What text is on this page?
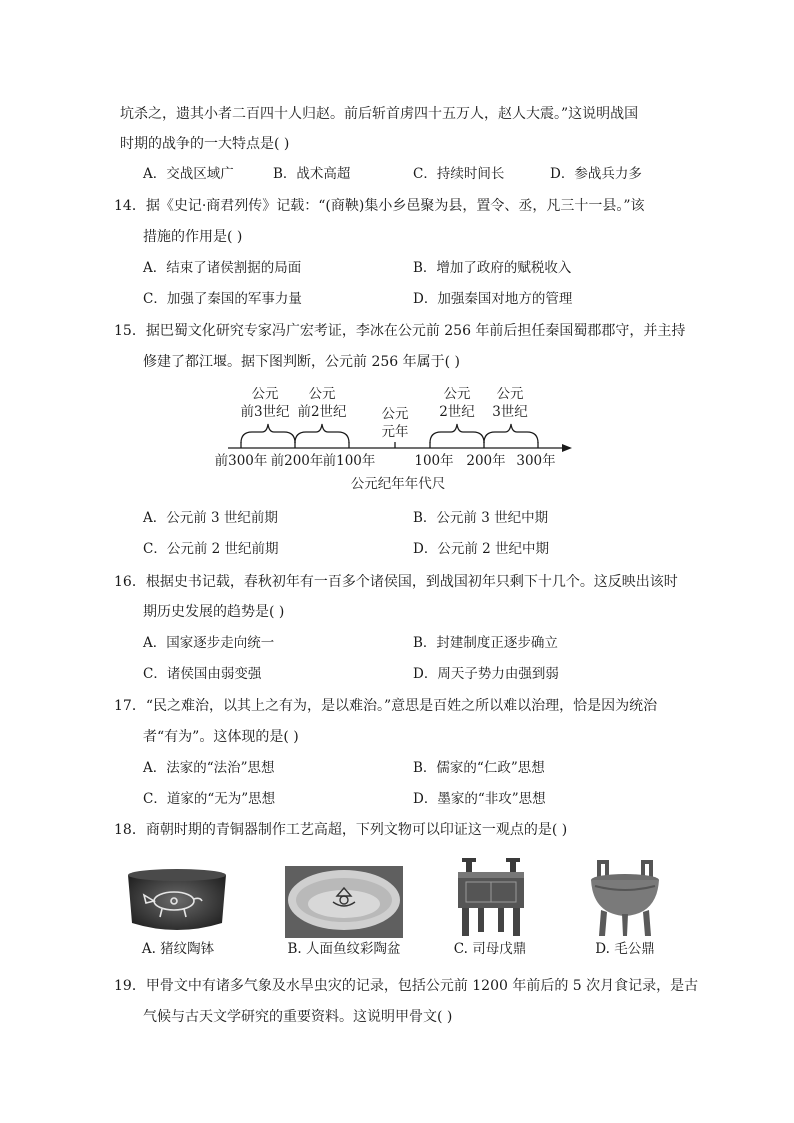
坑杀之，遗其小者二百四十人归赵。前后斩首虏四十五万人，赵人大震。”这说明战国
时期的战争的一大特点是( )
A．交战区域广	B．战术高超	C．持续时间长	D．参战兵力多
14．据《史记·商君列传》记载：“(商鞅)集小乡邑聚为县，置令、丞，凡三十一县。”该
措施的作用是( )
A．结束了诸侯割据的局面	B．增加了政府的赋税收入
C．加强了秦国的军事力量	D．加强秦国对地方的管理
15．据巴蜀文化研究专家冯广宏考证，李冰在公元前 256 年前后担任秦国蜀郡郡守，并主持
修建了都江堰。据下图判断，公元前 256 年属于( )
公元
前3世纪
公元
前2世纪	公元
元年
公元
2世纪
公元
3世纪
前300年 前200年 前100年	100年 200年 300年
公元纪年年代尺
A．公元前 3 世纪前期	B．公元前 3 世纪中期
C．公元前 2 世纪前期	D．公元前 2 世纪中期
16．根据史书记载，春秋初年有一百多个诸侯国，到战国初年只剩下十几个。这反映出该时
期历史发展的趋势是( )
A．国家逐步走向统一	B．封建制度正逐步确立
C．诸侯国由弱变强	D．周天子势力由强到弱
17．“民之难治，以其上之有为，是以难治。”意思是百姓之所以难以治理，恰是因为统治
者“有为”。这体现的是( )
A．法家的“法治”思想	B．儒家的“仁政”思想
C．道家的“无为”思想	D．墨家的“非攻”思想
18．商朝时期的青铜器制作工艺高超，下列文物可以印证这一观点的是( )
A. 猪纹陶钵	B. 人面鱼纹彩陶盆	C. 司母戊鼎	D. 毛公鼎
19．甲骨文中有诸多气象及水旱虫灾的记录，包括公元前 1200 年前后的 5 次月食记录，是古
气候与古天文学研究的重要资料。这说明甲骨文( )
